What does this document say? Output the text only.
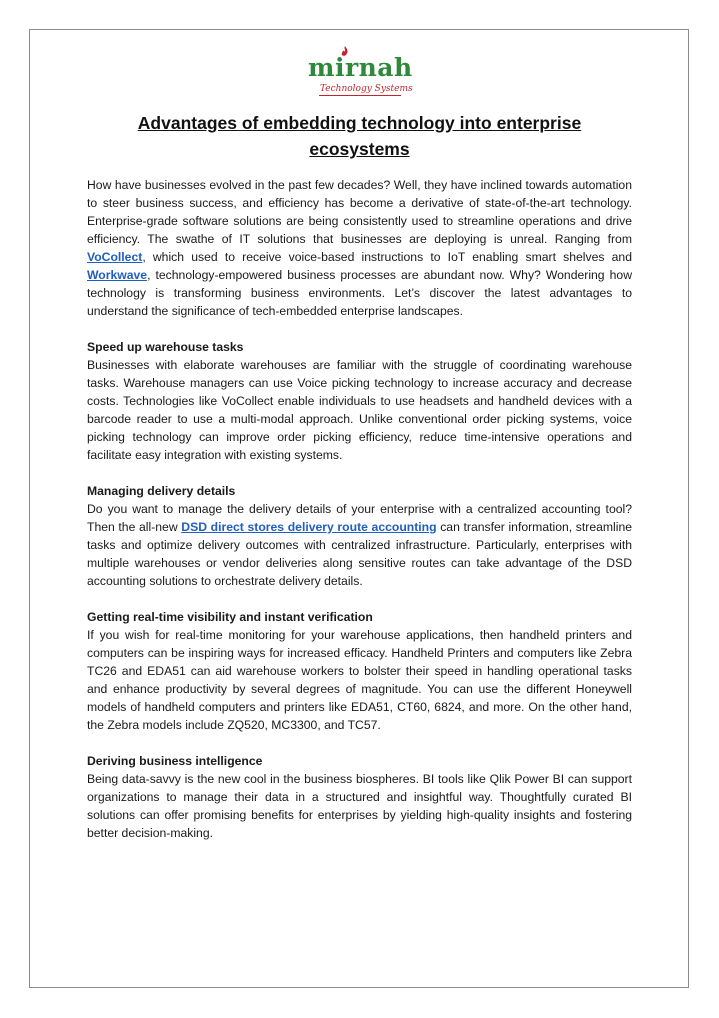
mirnah
Technology Systems
Advantages of embedding technology into enterprise ecosystems

How have businesses evolved in the past few decades? Well, they have inclined towards automation to steer business success, and efficiency has become a derivative of state-of-the-art technology. Enterprise-grade software solutions are being consistently used to streamline operations and drive efficiency. The swathe of IT solutions that businesses are deploying is unreal. Ranging from VoCollect, which used to receive voice-based instructions to IoT enabling smart shelves and Workwave, technology-empowered business processes are abundant now. Why? Wondering how technology is transforming business environments. Let’s discover the latest advantages to understand the significance of tech-embedded enterprise landscapes.

Speed up warehouse tasks

Businesses with elaborate warehouses are familiar with the struggle of coordinating warehouse tasks. Warehouse managers can use Voice picking technology to increase accuracy and decrease costs. Technologies like VoCollect enable individuals to use headsets and handheld devices with a barcode reader to use a multi-modal approach. Unlike conventional order picking systems, voice picking technology can improve order picking efficiency, reduce time-intensive operations and facilitate easy integration with existing systems.

Managing delivery details

Do you want to manage the delivery details of your enterprise with a centralized accounting tool? Then the all-new DSD direct stores delivery route accounting can transfer information, streamline tasks and optimize delivery outcomes with centralized infrastructure. Particularly, enterprises with multiple warehouses or vendor deliveries along sensitive routes can take advantage of the DSD accounting solutions to orchestrate delivery details.

Getting real-time visibility and instant verification

If you wish for real-time monitoring for your warehouse applications, then handheld printers and computers can be inspiring ways for increased efficacy. Handheld Printers and computers like Zebra TC26 and EDA51 can aid warehouse workers to bolster their speed in handling operational tasks and enhance productivity by several degrees of magnitude. You can use the different Honeywell models of handheld computers and printers like EDA51, CT60, 6824, and more. On the other hand, the Zebra models include ZQ520, MC3300, and TC57.

Deriving business intelligence

Being data-savvy is the new cool in the business biospheres. BI tools like Qlik Power BI can support organizations to manage their data in a structured and insightful way. Thoughtfully curated BI solutions can offer promising benefits for enterprises by yielding high-quality insights and fostering better decision-making.
